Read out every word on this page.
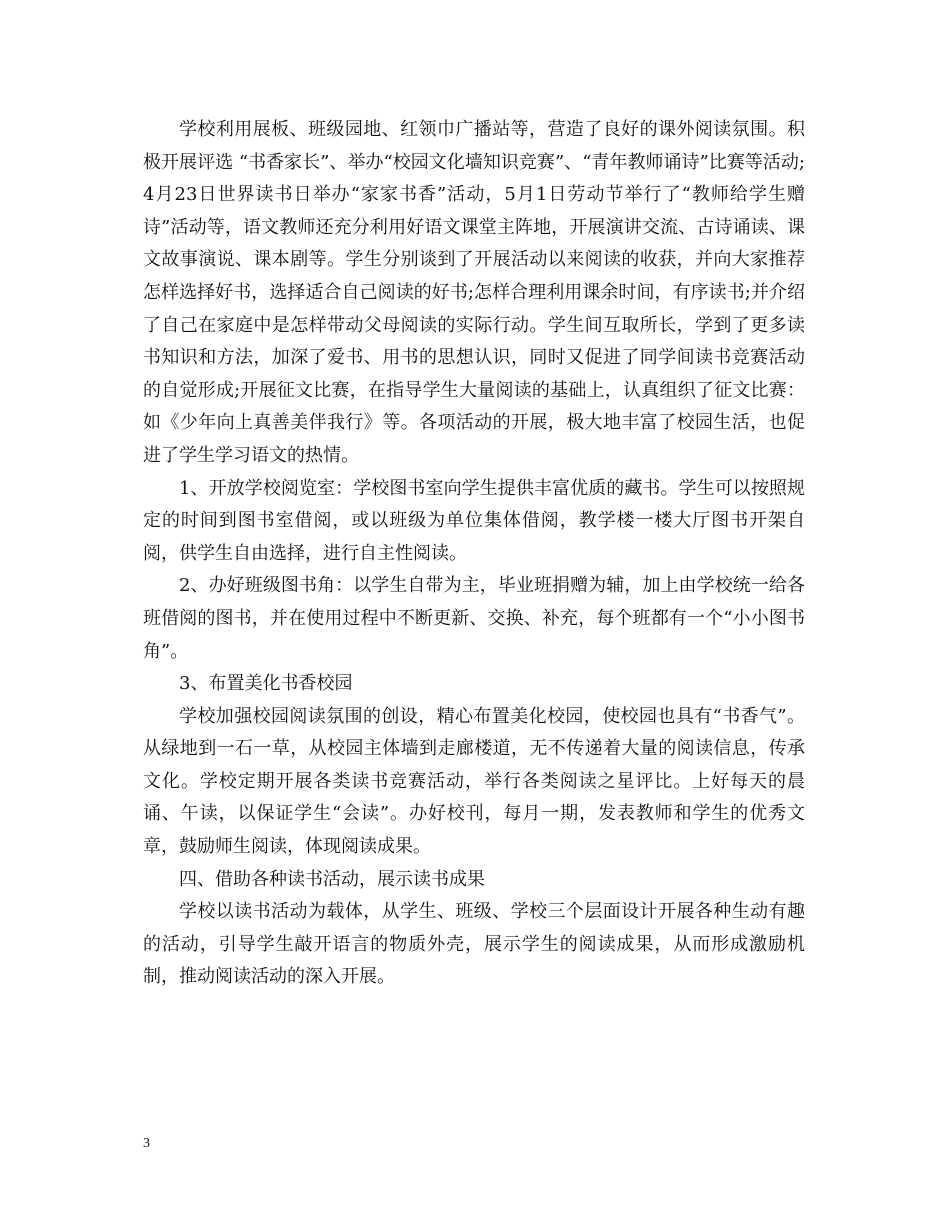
学校利用展板、班级园地、红领巾广播站等，营造了良好的课外阅读氛围。积极开展评选 “书香家长”、举办“校园文化墙知识竞赛”、“青年教师诵诗”比赛等活动;4月23日世界读书日举办“家家书香”活动，5月1日劳动节举行了“教师给学生赠诗”活动等，语文教师还充分利用好语文课堂主阵地，开展演讲交流、古诗诵读、课文故事演说、课本剧等。学生分别谈到了开展活动以来阅读的收获，并向大家推荐怎样选择好书，选择适合自己阅读的好书;怎样合理利用课余时间，有序读书;并介绍了自己在家庭中是怎样带动父母阅读的实际行动。学生间互取所长，学到了更多读书知识和方法，加深了爱书、用书的思想认识，同时又促进了同学间读书竞赛活动的自觉形成;开展征文比赛，在指导学生大量阅读的基础上，认真组织了征文比赛：如《少年向上真善美伴我行》等。各项活动的开展，极大地丰富了校园生活，也促进了学生学习语文的热情。

1、开放学校阅览室：学校图书室向学生提供丰富优质的藏书。学生可以按照规定的时间到图书室借阅，或以班级为单位集体借阅，教学楼一楼大厅图书开架自阅，供学生自由选择，进行自主性阅读。

2、办好班级图书角：以学生自带为主，毕业班捐赠为辅，加上由学校统一给各班借阅的图书，并在使用过程中不断更新、交换、补充，每个班都有一个“小小图书角”。

3、布置美化书香校园

学校加强校园阅读氛围的创设，精心布置美化校园，使校园也具有“书香气”。 从绿地到一石一草，从校园主体墙到走廊楼道，无不传递着大量的阅读信息，传承文化。学校定期开展各类读书竞赛活动，举行各类阅读之星评比。上好每天的晨诵、午读，以保证学生“会读”。办好校刊，每月一期，发表教师和学生的优秀文章，鼓励师生阅读，体现阅读成果。

四、借助各种读书活动，展示读书成果

学校以读书活动为载体，从学生、班级、学校三个层面设计开展各种生动有趣的活动，引导学生敲开语言的物质外壳，展示学生的阅读成果，从而形成激励机制，推动阅读活动的深入开展。

3
